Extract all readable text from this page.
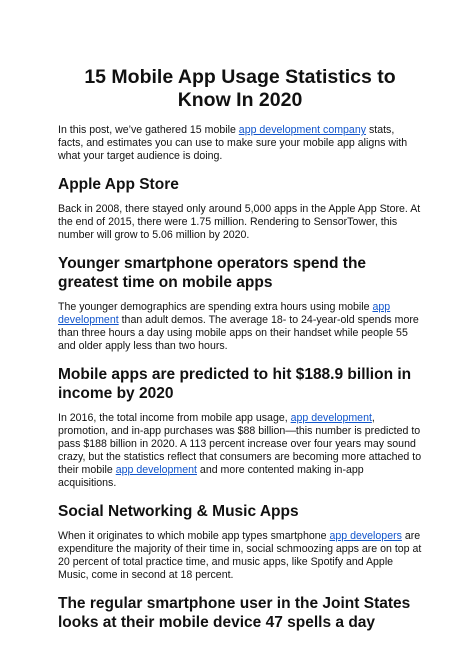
15 Mobile App Usage Statistics to Know In 2020

In this post, we’ve gathered 15 mobile app development company stats, facts, and estimates you can use to make sure your mobile app aligns with what your target audience is doing.

Apple App Store

Back in 2008, there stayed only around 5,000 apps in the Apple App Store. At the end of 2015, there were 1.75 million. Rendering to SensorTower, this number will grow to 5.06 million by 2020.

Younger smartphone operators spend the greatest time on mobile apps

The younger demographics are spending extra hours using mobile app development than adult demos. The average 18- to 24-year-old spends more than three hours a day using mobile apps on their handset while people 55 and older apply less than two hours.

Mobile apps are predicted to hit $188.9 billion in income by 2020

In 2016, the total income from mobile app usage, app development, promotion, and in-app purchases was $88 billion—this number is predicted to pass $188 billion in 2020. A 113 percent increase over four years may sound crazy, but the statistics reflect that consumers are becoming more attached to their mobile app development and more contented making in-app acquisitions.

Social Networking & Music Apps

When it originates to which mobile app types smartphone app developers are expenditure the majority of their time in, social schmoozing apps are on top at 20 percent of total practice time, and music apps, like Spotify and Apple Music, come in second at 18 percent.

The regular smartphone user in the Joint States looks at their mobile device 47 spells a day
